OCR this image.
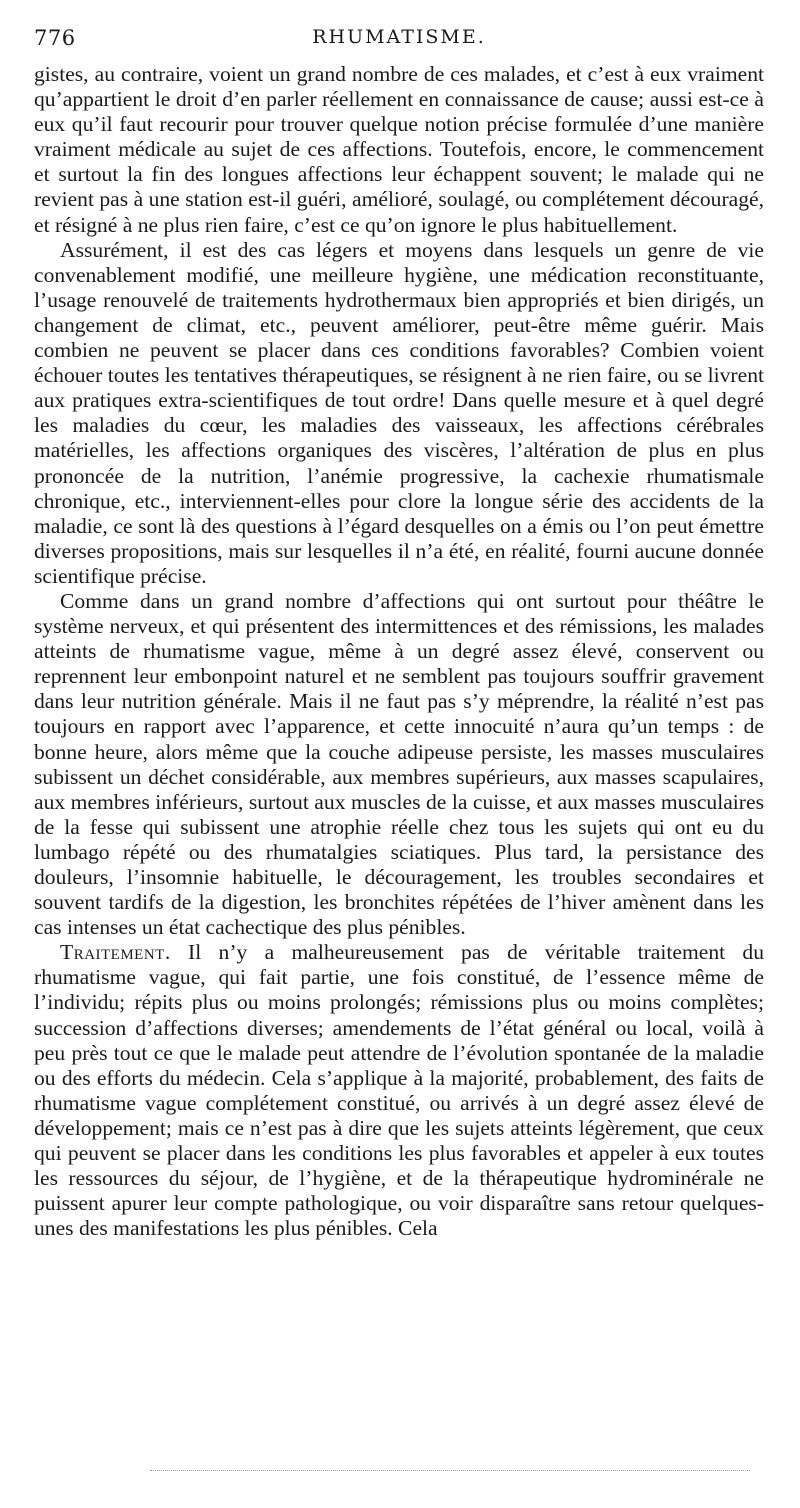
776	RHUMATISME.

gistes, au contraire, voient un grand nombre de ces malades, et c’est à eux vraiment qu’appartient le droit d’en parler réellement en connaissance de cause; aussi est-ce à eux qu’il faut recourir pour trouver quelque notion précise formulée d’une manière vraiment médicale au sujet de ces affections. Toutefois, encore, le commencement et surtout la fin des longues affections leur échappent souvent; le malade qui ne revient pas à une station est-il guéri, amélioré, soulagé, ou complétement découragé, et résigné à ne plus rien faire, c’est ce qu’on ignore le plus habituellement.

Assurément, il est des cas légers et moyens dans lesquels un genre de vie convenablement modifié, une meilleure hygiène, une médication reconstituante, l’usage renouvelé de traitements hydrothermaux bien appropriés et bien dirigés, un changement de climat, etc., peuvent améliorer, peut-être même guérir. Mais combien ne peuvent se placer dans ces conditions favorables? Combien voient échouer toutes les tentatives thérapeutiques, se résignent à ne rien faire, ou se livrent aux pratiques extra-scientifiques de tout ordre! Dans quelle mesure et à quel degré les maladies du cœur, les maladies des vaisseaux, les affections cérébrales matérielles, les affections organiques des viscères, l’altération de plus en plus prononcée de la nutrition, l’anémie progressive, la cachexie rhumatismale chronique, etc., interviennent-elles pour clore la longue série des accidents de la maladie, ce sont là des questions à l’égard desquelles on a émis ou l’on peut émettre diverses propositions, mais sur lesquelles il n’a été, en réalité, fourni aucune donnée scientifique précise.

Comme dans un grand nombre d’affections qui ont surtout pour théâtre le système nerveux, et qui présentent des intermittences et des rémissions, les malades atteints de rhumatisme vague, même à un degré assez élevé, conservent ou reprennent leur embonpoint naturel et ne semblent pas toujours souffrir gravement dans leur nutrition générale. Mais il ne faut pas s’y méprendre, la réalité n’est pas toujours en rapport avec l’apparence, et cette innocuité n’aura qu’un temps : de bonne heure, alors même que la couche adipeuse persiste, les masses musculaires subissent un déchet considérable, aux membres supérieurs, aux masses scapulaires, aux membres inférieurs, surtout aux muscles de la cuisse, et aux masses musculaires de la fesse qui subissent une atrophie réelle chez tous les sujets qui ont eu du lumbago répété ou des rhumatalgies sciatiques. Plus tard, la persistance des douleurs, l’insomnie habituelle, le découragement, les troubles secondaires et souvent tardifs de la digestion, les bronchites répétées de l’hiver amènent dans les cas intenses un état cachectique des plus pénibles.

Traitement. Il n’y a malheureusement pas de véritable traitement du rhumatisme vague, qui fait partie, une fois constitué, de l’essence même de l’individu; répits plus ou moins prolongés; rémissions plus ou moins complètes; succession d’affections diverses; amendements de l’état général ou local, voilà à peu près tout ce que le malade peut attendre de l’évolution spontanée de la maladie ou des efforts du médecin. Cela s’applique à la majorité, probablement, des faits de rhumatisme vague complétement constitué, ou arrivés à un degré assez élevé de développement; mais ce n’est pas à dire que les sujets atteints légèrement, que ceux qui peuvent se placer dans les conditions les plus favorables et appeler à eux toutes les ressources du séjour, de l’hygiène, et de la thérapeutique hydrominérale ne puissent apurer leur compte pathologique, ou voir disparaître sans retour quelques-unes des manifestations les plus pénibles. Cela
